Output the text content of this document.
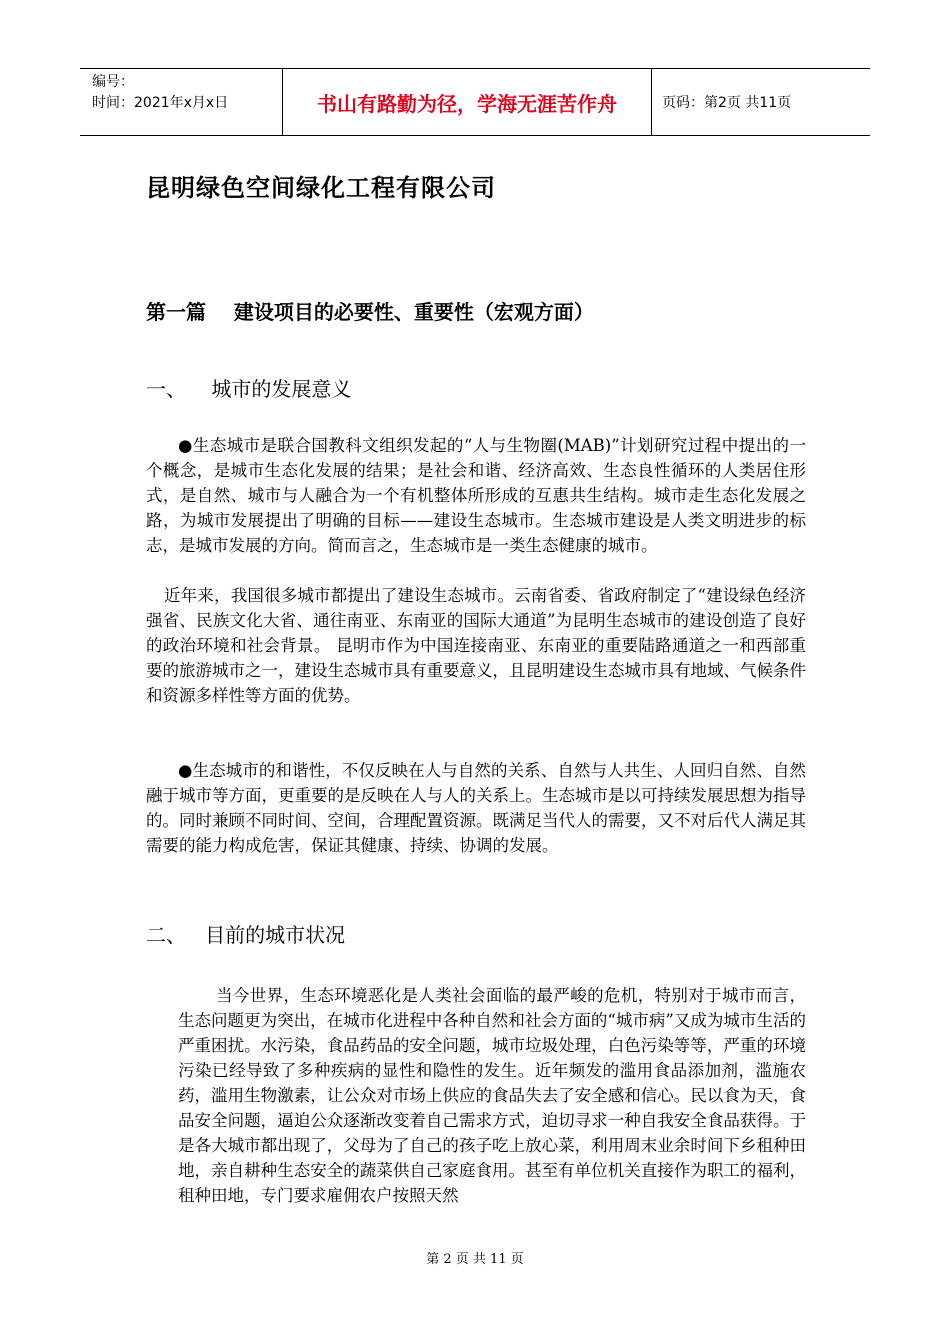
编号：
时间：2021年x月x日	书山有路勤为径，学海无涯苦作舟	页码：第2页 共11页
昆明绿色空间绿化工程有限公司
第一篇    建设项目的必要性、重要性（宏观方面）
一、    城市的发展意义

●生态城市是联合国教科文组织发起的“人与生物圈(MAB)”计划研究过程中提出的一个概念，是城市生态化发展的结果；是社会和谐、经济高效、生态良性循环的人类居住形式，是自然、城市与人融合为一个有机整体所形成的互惠共生结构。城市走生态化发展之路，为城市发展提出了明确的目标——建设生态城市。生态城市建设是人类文明进步的标志，是城市发展的方向。简而言之，生态城市是一类生态健康的城市。

近年来，我国很多城市都提出了建设生态城市。云南省委、省政府制定了“建设绿色经济强省、民族文化大省、通往南亚、东南亚的国际大通道”为昆明生态城市的建设创造了良好的政治环境和社会背景。 昆明市作为中国连接南亚、东南亚的重要陆路通道之一和西部重要的旅游城市之一，建设生态城市具有重要意义，且昆明建设生态城市具有地域、气候条件和资源多样性等方面的优势。

●生态城市的和谐性，不仅反映在人与自然的关系、自然与人共生、人回归自然、自然融于城市等方面，更重要的是反映在人与人的关系上。生态城市是以可持续发展思想为指导的。同时兼顾不同时间、空间，合理配置资源。既满足当代人的需要，又不对后代人满足其需要的能力构成危害，保证其健康、持续、协调的发展。

二、   目前的城市状况

当今世界，生态环境恶化是人类社会面临的最严峻的危机，特别对于城市而言，生态问题更为突出，在城市化进程中各种自然和社会方面的“城市病”又成为城市生活的严重困扰。水污染，食品药品的安全问题，城市垃圾处理，白色污染等等，严重的环境污染已经导致了多种疾病的显性和隐性的发生。近年频发的滥用食品添加剂，滥施农药，滥用生物激素，让公众对市场上供应的食品失去了安全感和信心。民以食为天，食品安全问题，逼迫公众逐渐改变着自己需求方式，迫切寻求一种自我安全食品获得。于是各大城市都出现了，父母为了自己的孩子吃上放心菜，利用周末业余时间下乡租种田地，亲自耕种生态安全的蔬菜供自己家庭食用。甚至有单位机关直接作为职工的福利，租种田地，专门要求雇佣农户按照天然

第 2 页 共 11 页
